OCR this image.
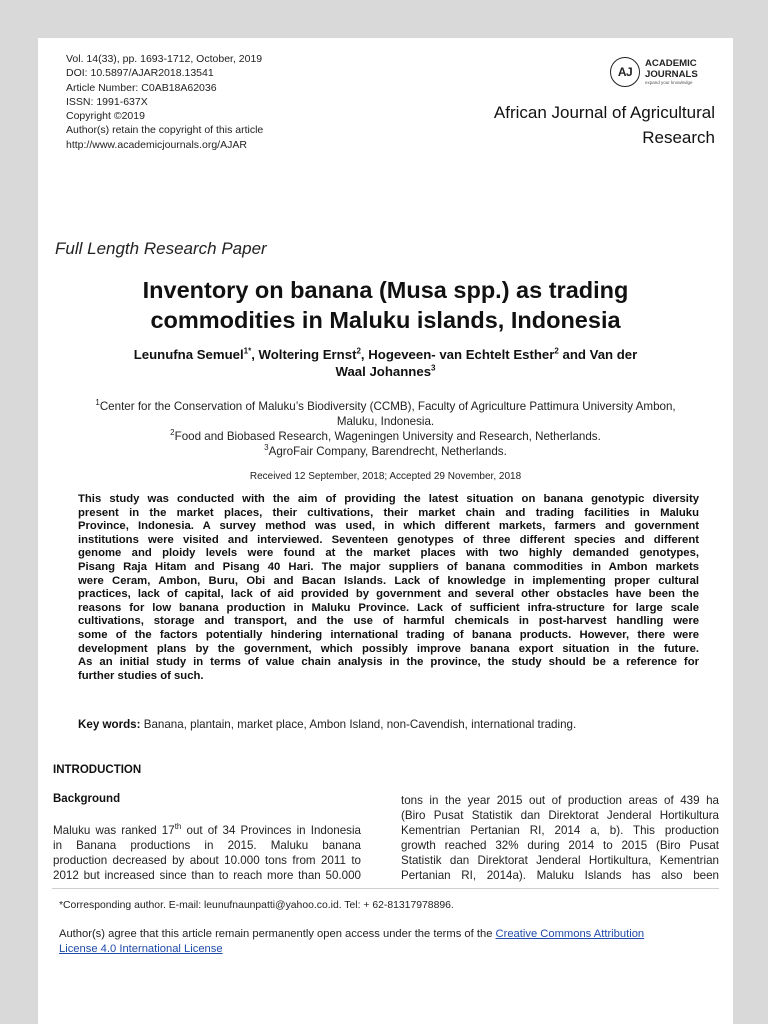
Vol. 14(33), pp. 1693-1712, October, 2019
DOI: 10.5897/AJAR2018.13541
Article Number: C0AB18A62036
ISSN: 1991-637X
Copyright ©2019
Author(s) retain the copyright of this article
http://www.academicjournals.org/AJAR
AJ
ACADEMIC
JOURNALS
expand your knowledge
African Journal of Agricultural
Research
Full Length Research Paper
Inventory on banana (Musa spp.) as trading
commodities in Maluku islands, Indonesia
Leunufna Semuel$^{1*}$, Woltering Ernst$^2$, Hogeveen- van Echtelt Esther$^2$ and Van der
Waal Johannes$^3$
$^1$Center for the Conservation of Maluku’s Biodiversity (CCMB), Faculty of Agriculture Pattimura University Ambon,
Maluku, Indonesia.
$^2$Food and Biobased Research, Wageningen University and Research, Netherlands.
$^3$AgroFair Company, Barendrecht, Netherlands.
Received 12 September, 2018; Accepted 29 November, 2018
This study was conducted with the aim of providing the latest situation on banana genotypic diversity
present in the market places, their cultivations, their market chain and trading facilities in Maluku
Province, Indonesia. A survey method was used, in which different markets, farmers and government
institutions were visited and interviewed. Seventeen genotypes of three different species and different
genome and ploidy levels were found at the market places with two highly demanded genotypes,
Pisang Raja Hitam and Pisang 40 Hari. The major suppliers of banana commodities in Ambon markets
were Ceram, Ambon, Buru, Obi and Bacan Islands. Lack of knowledge in implementing proper cultural
practices, lack of capital, lack of aid provided by government and several other obstacles have been the
reasons for low banana production in Maluku Province. Lack of sufficient infra-structure for large scale
cultivations, storage and transport, and the use of harmful chemicals in post-harvest handling were
some of the factors potentially hindering international trading of banana products. However, there were
development plans by the government, which possibly improve banana export situation in the future.
As an initial study in terms of value chain analysis in the province, the study should be a reference for
further studies of such.
Key words: Banana, plantain, market place, Ambon Island, non-Cavendish, international trading.
INTRODUCTION
Background
Maluku was ranked 17th out of 34 Provinces in Indonesia
in Banana productions in 2015. Maluku banana
production decreased by about 10.000 tons from 2011 to
2012 but increased since than to reach more than 50.000
tons in the year 2015 out of production areas of 439 ha
(Biro Pusat Statistik dan Direktorat Jenderal Hortikultura
Kementrian Pertanian RI, 2014 a, b). This production
growth reached 32% during 2014 to 2015 (Biro Pusat
Statistik dan Direktorat Jenderal Hortikultura, Kementrian
Pertanian RI, 2014a). Maluku Islands has also been
*Corresponding author. E-mail: leunufnaunpatti@yahoo.co.id. Tel: + 62-81317978896.
Author(s) agree that this article remain permanently open access under the terms of the Creative Commons Attribution
License 4.0 International License
